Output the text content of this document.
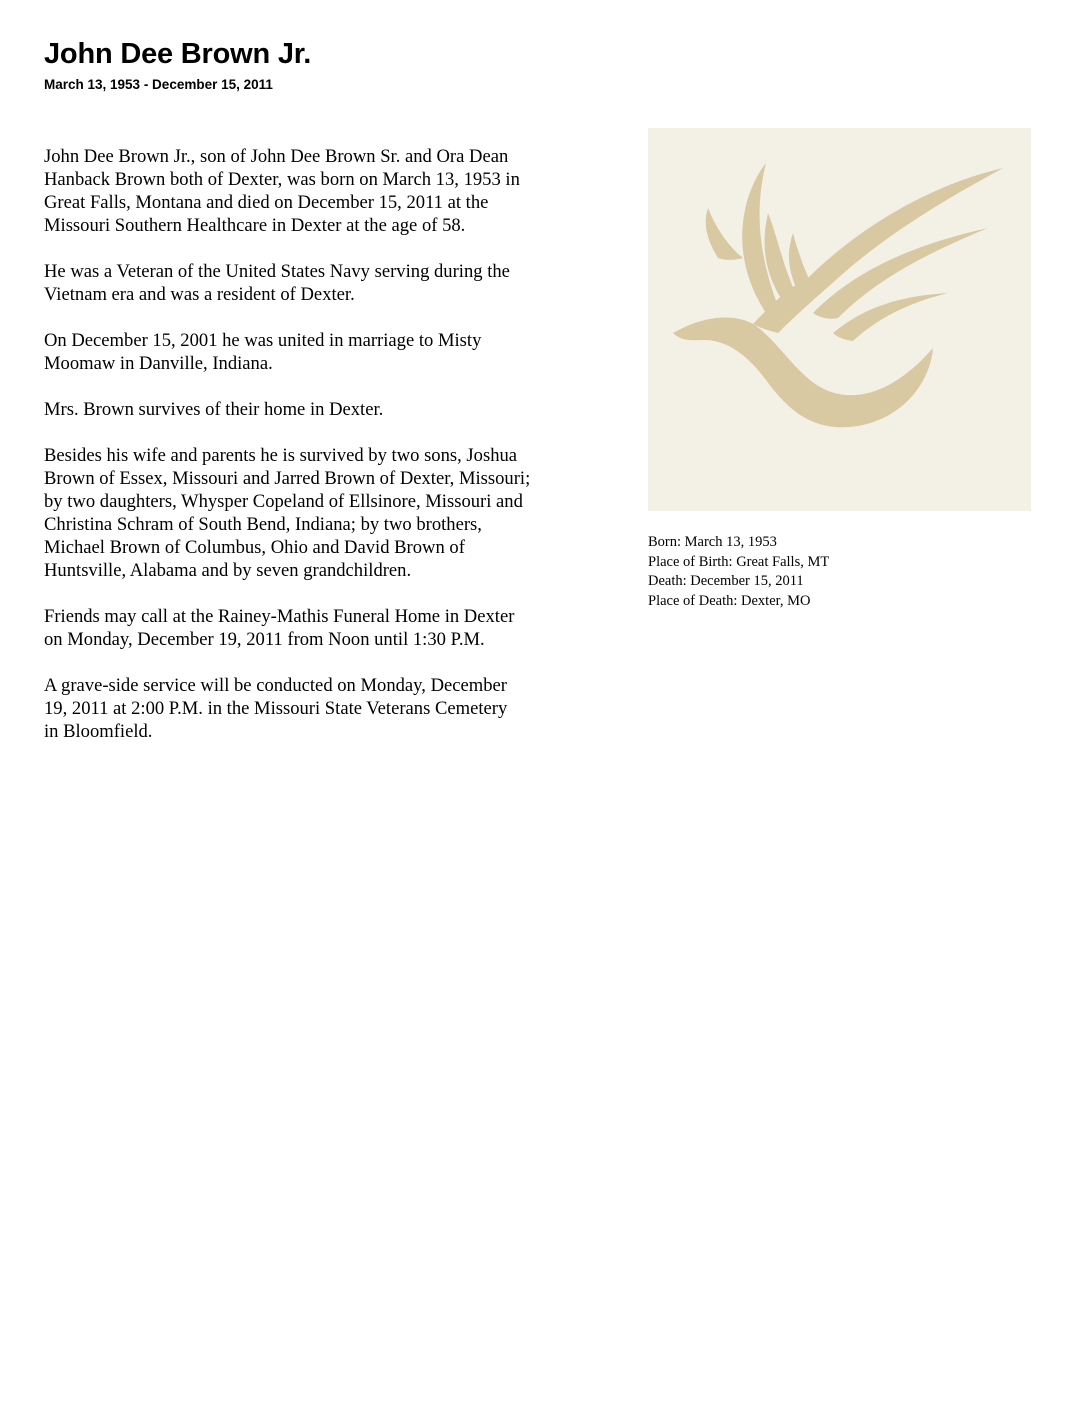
John Dee Brown Jr.
March 13, 1953 - December 15, 2011

John Dee Brown Jr., son of John Dee Brown Sr. and Ora Dean
Hanback Brown both of Dexter, was born on March 13, 1953 in
Great Falls, Montana and died on December 15, 2011 at the
Missouri Southern Healthcare in Dexter at the age of 58.

He was a Veteran of the United States Navy serving during the
Vietnam era and was a resident of Dexter.

On December 15, 2001 he was united in marriage to Misty
Moomaw in Danville, Indiana.

Mrs. Brown survives of their home in Dexter.

Besides his wife and parents he is survived by two sons, Joshua
Brown of Essex, Missouri and Jarred Brown of Dexter, Missouri;
by two daughters, Whysper Copeland of Ellsinore, Missouri and
Christina Schram of South Bend, Indiana; by two brothers,
Michael Brown of Columbus, Ohio and David Brown of
Huntsville, Alabama and by seven grandchildren.

Friends may call at the Rainey-Mathis Funeral Home in Dexter
on Monday, December 19, 2011 from Noon until 1:30 P.M.

A grave-side service will be conducted on Monday, December
19, 2011 at 2:00 P.M. in the Missouri State Veterans Cemetery
in Bloomfield.

Born: March 13, 1953
Place of Birth: Great Falls, MT
Death: December 15, 2011
Place of Death: Dexter, MO
